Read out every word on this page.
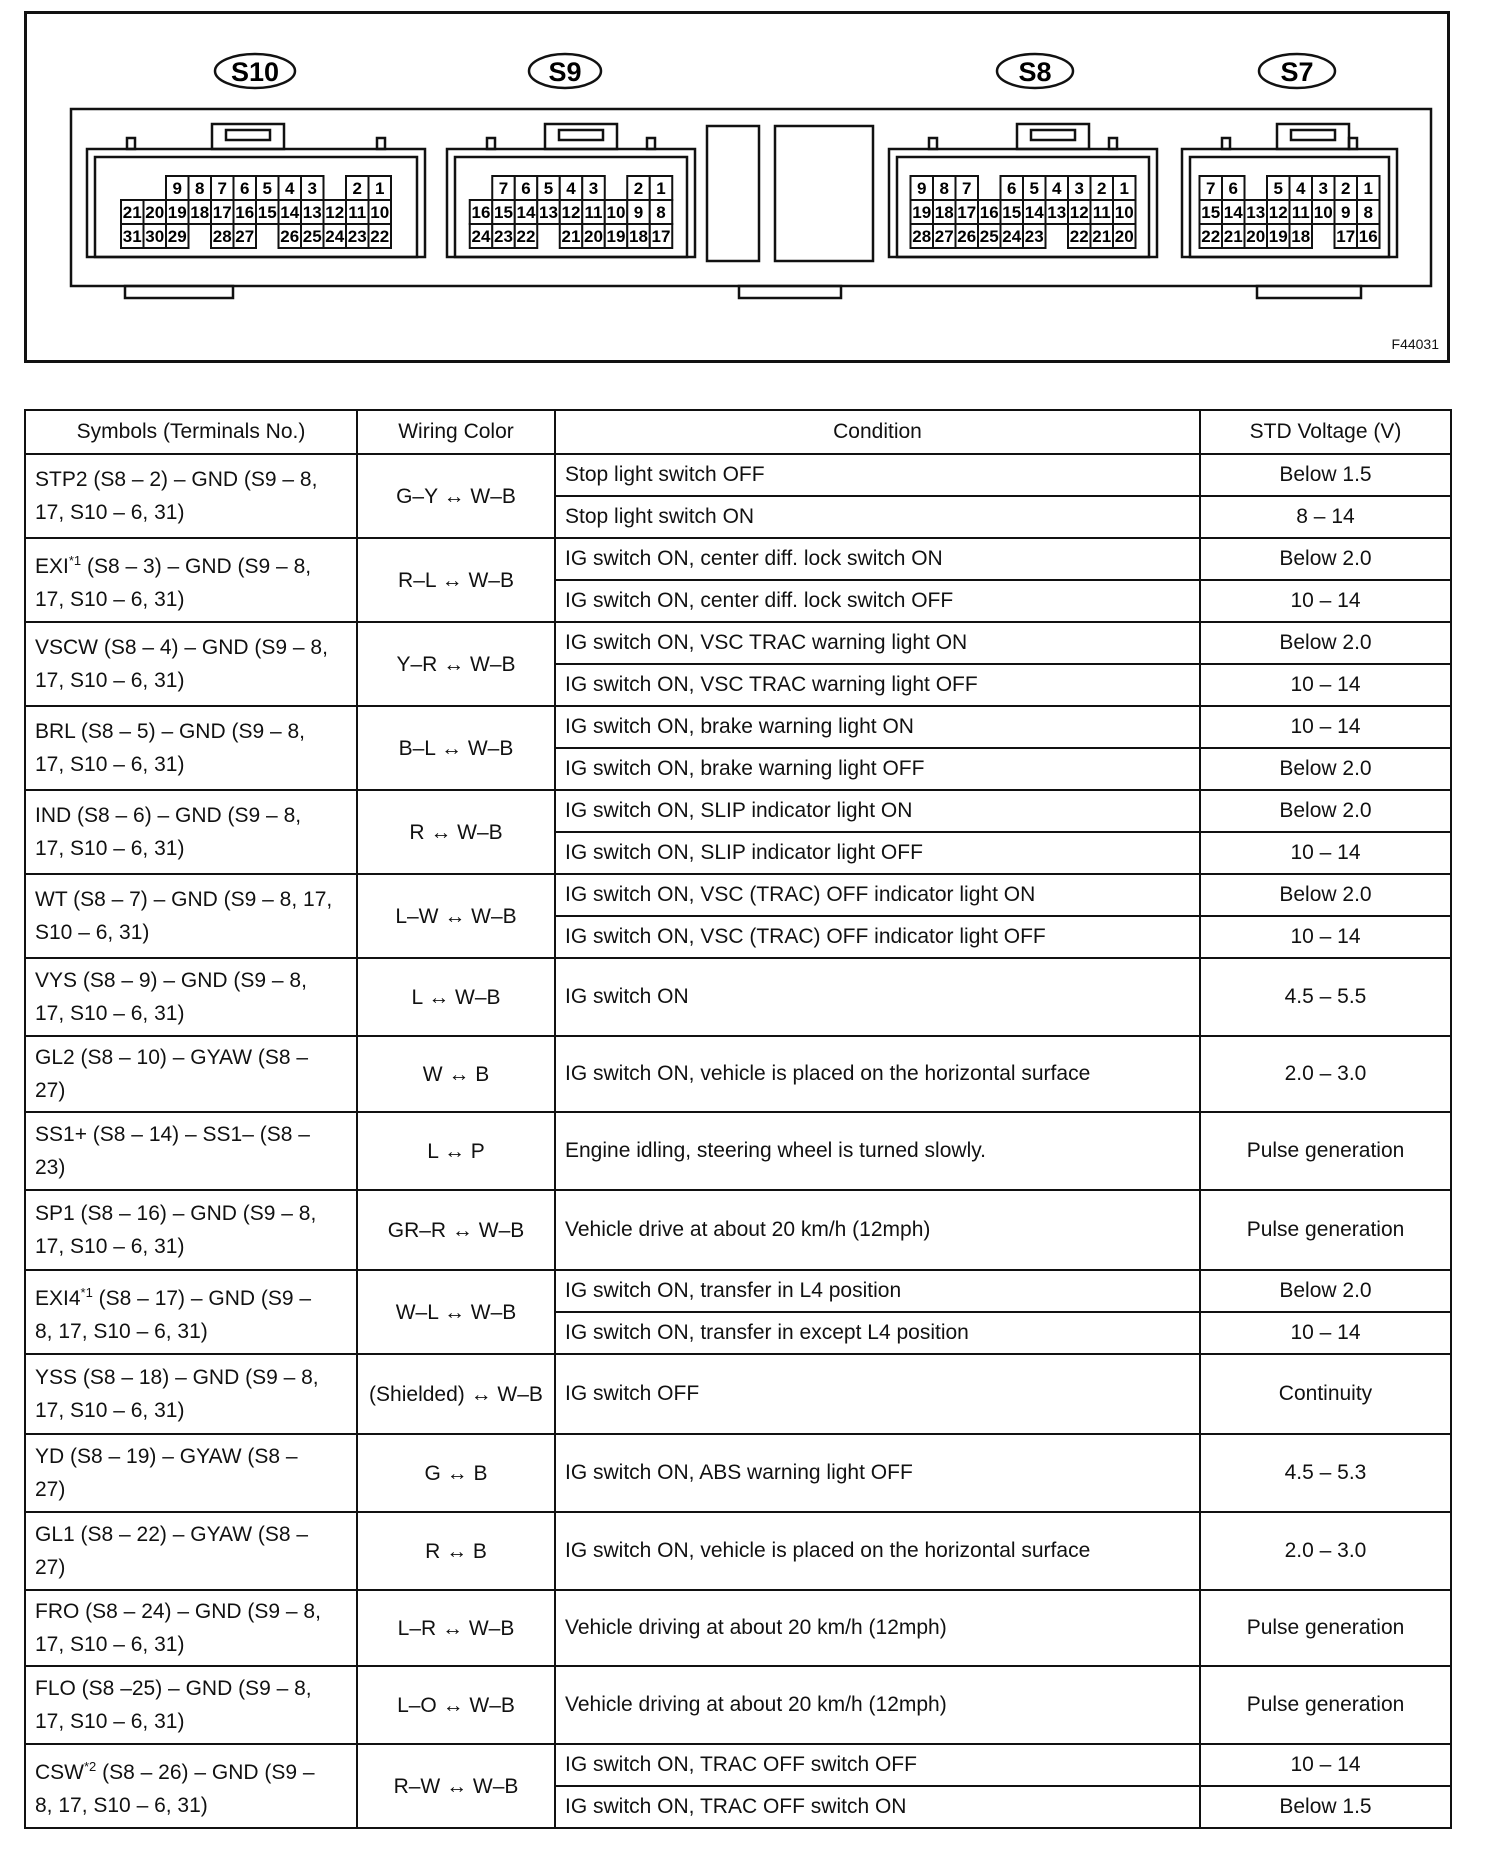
S10
9 8 7 6 5 4 3 2 1
21 20 19 18 17 16 15 14 13 12 11 10
31 30 29 28 27 26 25 24 23 22
S9
7 6 5 4 3 2 1
16 15 14 13 12 11 10 9 8
24 23 22 21 20 19 18 17
S8
9 8 7 6 5 4 3 2 1
19 18 17 16 15 14 13 12 11 10
28 27 26 25 24 23 22 21 20
S7
7 6 5 4 3 2 1
15 14 13 12 11 10 9 8
22 21 20 19 18 17 16
F44031
Symbols (Terminals No.)	Wiring Color	Condition	STD Voltage (V)
STP2 (S8 – 2) – GND (S9 – 8,
17, S10 – 6, 31)	G–Y ↔ W–B	Stop light switch OFF	Below 1.5
		Stop light switch ON	8 – 14
EXI$^{*1}$ (S8 – 3) – GND (S9 – 8,
17, S10 – 6, 31)	R–L ↔ W–B	IG switch ON, center diff. lock switch ON	Below 2.0
		IG switch ON, center diff. lock switch OFF	10 – 14
VSCW (S8 – 4) – GND (S9 – 8,
17, S10 – 6, 31)	Y–R ↔ W–B	IG switch ON, VSC TRAC warning light ON	Below 2.0
		IG switch ON, VSC TRAC warning light OFF	10 – 14
BRL (S8 – 5) – GND (S9 – 8,
17, S10 – 6, 31)	B–L ↔ W–B	IG switch ON, brake warning light ON	10 – 14
		IG switch ON, brake warning light OFF	Below 2.0
IND (S8 – 6) – GND (S9 – 8,
17, S10 – 6, 31)	R ↔ W–B	IG switch ON, SLIP indicator light ON	Below 2.0
		IG switch ON, SLIP indicator light OFF	10 – 14
WT (S8 – 7) – GND (S9 – 8, 17,
S10 – 6, 31)	L–W ↔ W–B	IG switch ON, VSC (TRAC) OFF indicator light ON	Below 2.0
		IG switch ON, VSC (TRAC) OFF indicator light OFF	10 – 14
VYS (S8 – 9) – GND (S9 – 8,
17, S10 – 6, 31)	L ↔ W–B	IG switch ON	4.5 – 5.5
GL2 (S8 – 10) – GYAW (S8 –
27)	W ↔ B	IG switch ON, vehicle is placed on the horizontal surface	2.0 – 3.0
SS1+ (S8 – 14) – SS1– (S8 –
23)	L ↔ P	Engine idling, steering wheel is turned slowly.	Pulse generation
SP1 (S8 – 16) – GND (S9 – 8,
17, S10 – 6, 31)	GR–R ↔ W–B	Vehicle drive at about 20 km/h (12mph)	Pulse generation
EXI4$^{*1}$ (S8 – 17) – GND (S9 –
8, 17, S10 – 6, 31)	W–L ↔ W–B	IG switch ON, transfer in L4 position	Below 2.0
		IG switch ON, transfer in except L4 position	10 – 14
YSS (S8 – 18) – GND (S9 – 8,
17, S10 – 6, 31)	(Shielded) ↔ W–B	IG switch OFF	Continuity
YD (S8 – 19) – GYAW (S8 –
27)	G ↔ B	IG switch ON, ABS warning light OFF	4.5 – 5.3
GL1 (S8 – 22) – GYAW (S8 –
27)	R ↔ B	IG switch ON, vehicle is placed on the horizontal surface	2.0 – 3.0
FRO (S8 – 24) – GND (S9 – 8,
17, S10 – 6, 31)	L–R ↔ W–B	Vehicle driving at about 20 km/h (12mph)	Pulse generation
FLO (S8 –25) – GND (S9 – 8,
17, S10 – 6, 31)	L–O ↔ W–B	Vehicle driving at about 20 km/h (12mph)	Pulse generation
CSW$^{*2}$ (S8 – 26) – GND (S9 –
8, 17, S10 – 6, 31)	R–W ↔ W–B	IG switch ON, TRAC OFF switch OFF	10 – 14
		IG switch ON, TRAC OFF switch ON	Below 1.5
